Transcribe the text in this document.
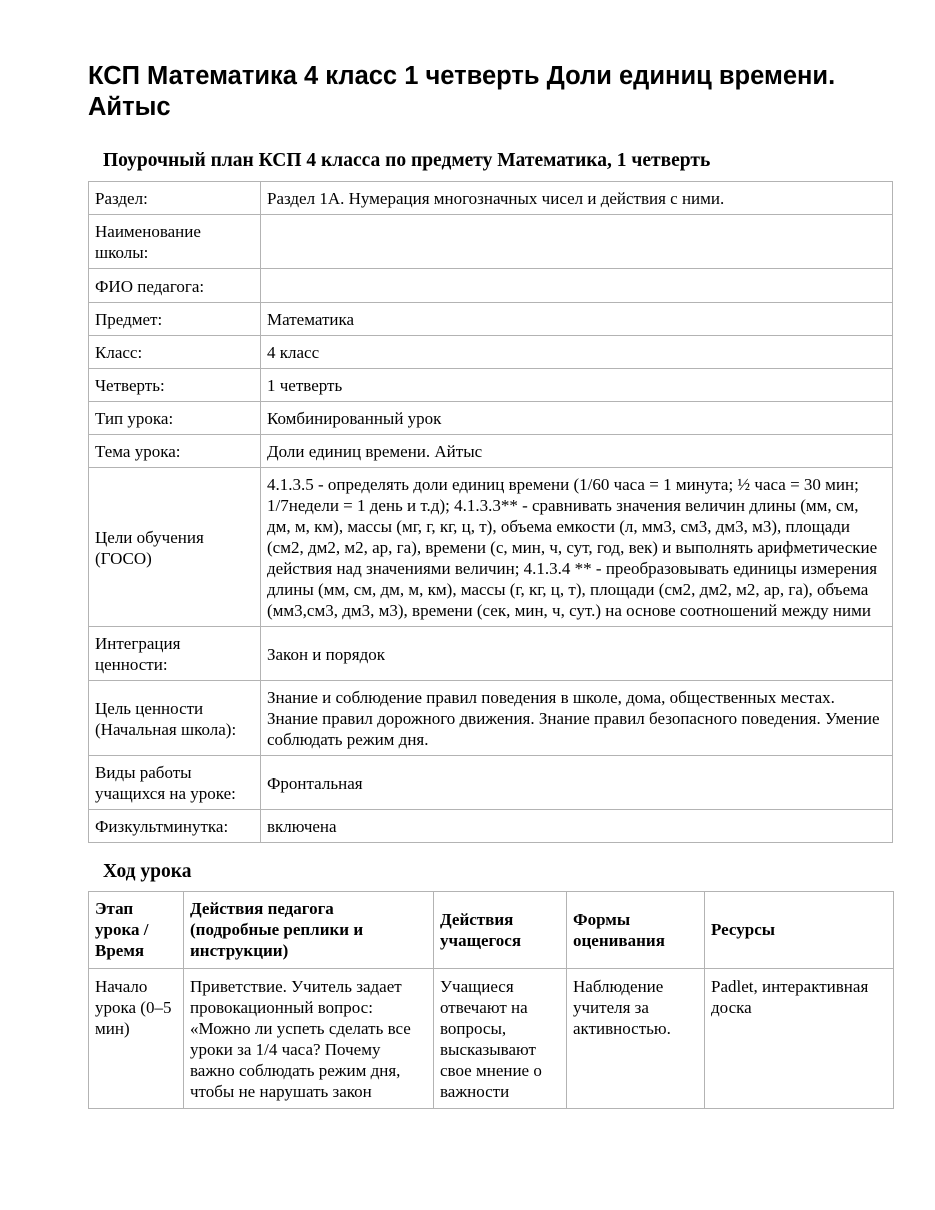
КСП Математика 4 класс 1 четверть Доли единиц времени. Айтыс
Поурочный план КСП 4 класса по предмету Математика, 1 четверть
Раздел:	Раздел 1А. Нумерация многозначных чисел и действия с ними.
Наименование школы:	
ФИО педагога:	
Предмет:	Математика
Класс:	4 класс
Четверть:	1 четверть
Тип урока:	Комбинированный урок
Тема урока:	Доли единиц времени. Айтыс
Цели обучения (ГОСО)	4.1.3.5 - определять доли единиц времени (1/60 часа = 1 минута; ½ часа = 30 мин; 1/7недели = 1 день и т.д); 4.1.3.3** - сравнивать значения величин длины (мм, см, дм, м, км), массы (мг, г, кг, ц, т), объема емкости (л, мм3, см3, дм3, м3), площади (см2, дм2, м2, ар, га), времени (с, мин, ч, сут, год, век) и выполнять арифметические действия над значениями величин; 4.1.3.4 ** - преобразовывать единицы измерения длины (мм, см, дм, м, км), массы (г, кг, ц, т), площади (см2, дм2, м2, ар, га), объема (мм3,см3, дм3, м3), времени (сек, мин, ч, сут.) на основе соотношений между ними
Интеграция ценности:	Закон и порядок
Цель ценности (Начальная школа):	Знание и соблюдение правил поведения в школе, дома, общественных местах. Знание правил дорожного движения. Знание правил безопасного поведения. Умение соблюдать режим дня.
Виды работы учащихся на уроке:	Фронтальная
Физкультминутка:	включена
Ход урока
Этап урока / Время	Действия педагога (подробные реплики и инструкции)	Действия учащегося	Формы оценивания	Ресурсы
Начало урока (0–5 мин)	Приветствие. Учитель задает провокационный вопрос: «Можно ли успеть сделать все уроки за 1/4 часа? Почему важно соблюдать режим дня, чтобы не нарушать закон	Учащиеся отвечают на вопросы, высказывают свое мнение о важности	Наблюдение учителя за активностью.	Padlet, интерактивная доска
